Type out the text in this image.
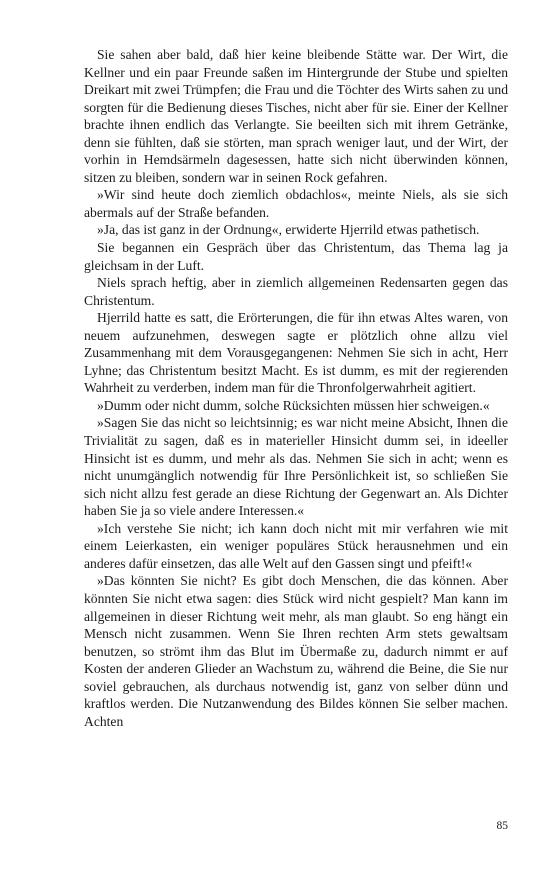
Sie sahen aber bald, daß hier keine bleibende Stätte war. Der Wirt, die Kellner und ein paar Freunde saßen im Hintergrunde der Stube und spielten Dreikart mit zwei Trümpfen; die Frau und die Töchter des Wirts sahen zu und sorgten für die Bedienung dieses Tisches, nicht aber für sie. Einer der Kellner brachte ihnen endlich das Verlangte. Sie beeilten sich mit ihrem Getränke, denn sie fühlten, daß sie störten, man sprach weniger laut, und der Wirt, der vorhin in Hemdsärmeln dagesessen, hatte sich nicht überwinden können, sitzen zu bleiben, sondern war in seinen Rock gefahren.

»Wir sind heute doch ziemlich obdachlos«, meinte Niels, als sie sich abermals auf der Straße befanden.

»Ja, das ist ganz in der Ordnung«, erwiderte Hjerrild etwas pathetisch.

Sie begannen ein Gespräch über das Christentum, das Thema lag ja gleichsam in der Luft.

Niels sprach heftig, aber in ziemlich allgemeinen Redensarten gegen das Christentum.

Hjerrild hatte es satt, die Erörterungen, die für ihn etwas Altes waren, von neuem aufzunehmen, deswegen sagte er plötzlich ohne allzu viel Zusammenhang mit dem Vorausgegangenen: Nehmen Sie sich in acht, Herr Lyhne; das Christentum besitzt Macht. Es ist dumm, es mit der regierenden Wahrheit zu verderben, indem man für die Thronfolgerwahrheit agitiert.

»Dumm oder nicht dumm, solche Rücksichten müssen hier schweigen.«

»Sagen Sie das nicht so leichtsinnig; es war nicht meine Absicht, Ihnen die Trivialität zu sagen, daß es in materieller Hinsicht dumm sei, in ideeller Hinsicht ist es dumm, und mehr als das. Nehmen Sie sich in acht; wenn es nicht unumgänglich notwendig für Ihre Persönlichkeit ist, so schließen Sie sich nicht allzu fest gerade an diese Richtung der Gegenwart an. Als Dichter haben Sie ja so viele andere Interessen.«

»Ich verstehe Sie nicht; ich kann doch nicht mit mir verfahren wie mit einem Leierkasten, ein weniger populäres Stück herausnehmen und ein anderes dafür einsetzen, das alle Welt auf den Gassen singt und pfeift!«

»Das könnten Sie nicht? Es gibt doch Menschen, die das können. Aber könnten Sie nicht etwa sagen: dies Stück wird nicht gespielt? Man kann im allgemeinen in dieser Richtung weit mehr, als man glaubt. So eng hängt ein Mensch nicht zusammen. Wenn Sie Ihren rechten Arm stets gewaltsam benutzen, so strömt ihm das Blut im Übermaße zu, dadurch nimmt er auf Kosten der anderen Glieder an Wachstum zu, während die Beine, die Sie nur soviel gebrauchen, als durchaus notwendig ist, ganz von selber dünn und kraftlos werden. Die Nutzanwendung des Bildes können Sie selber machen. Achten

85
